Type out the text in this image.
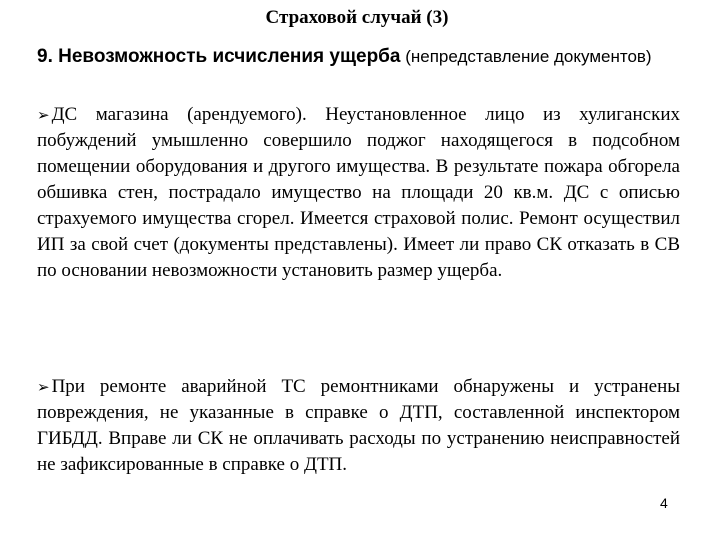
Страховой случай (3)

9. Невозможность исчисления ущерба (непредставление документов)

➢ ДС магазина (арендуемого). Неустановленное лицо из хулиганских побуждений умышленно совершило поджог находящегося в подсобном помещении оборудования и другого имущества. В результате пожара обгорела обшивка стен, пострадало имущество на площади 20 кв.м. ДС с описью страхуемого имущества сгорел. Имеется страховой полис. Ремонт осуществил ИП за свой счет (документы представлены). Имеет ли право СК отказать в СВ по основании невозможности установить размер ущерба.

➢ При ремонте аварийной ТС ремонтниками обнаружены и устранены повреждения, не указанные в справке о ДТП, составленной инспектором ГИБДД. Вправе ли СК не оплачивать расходы по устранению неисправностей не зафиксированные в справке о ДТП.

4
